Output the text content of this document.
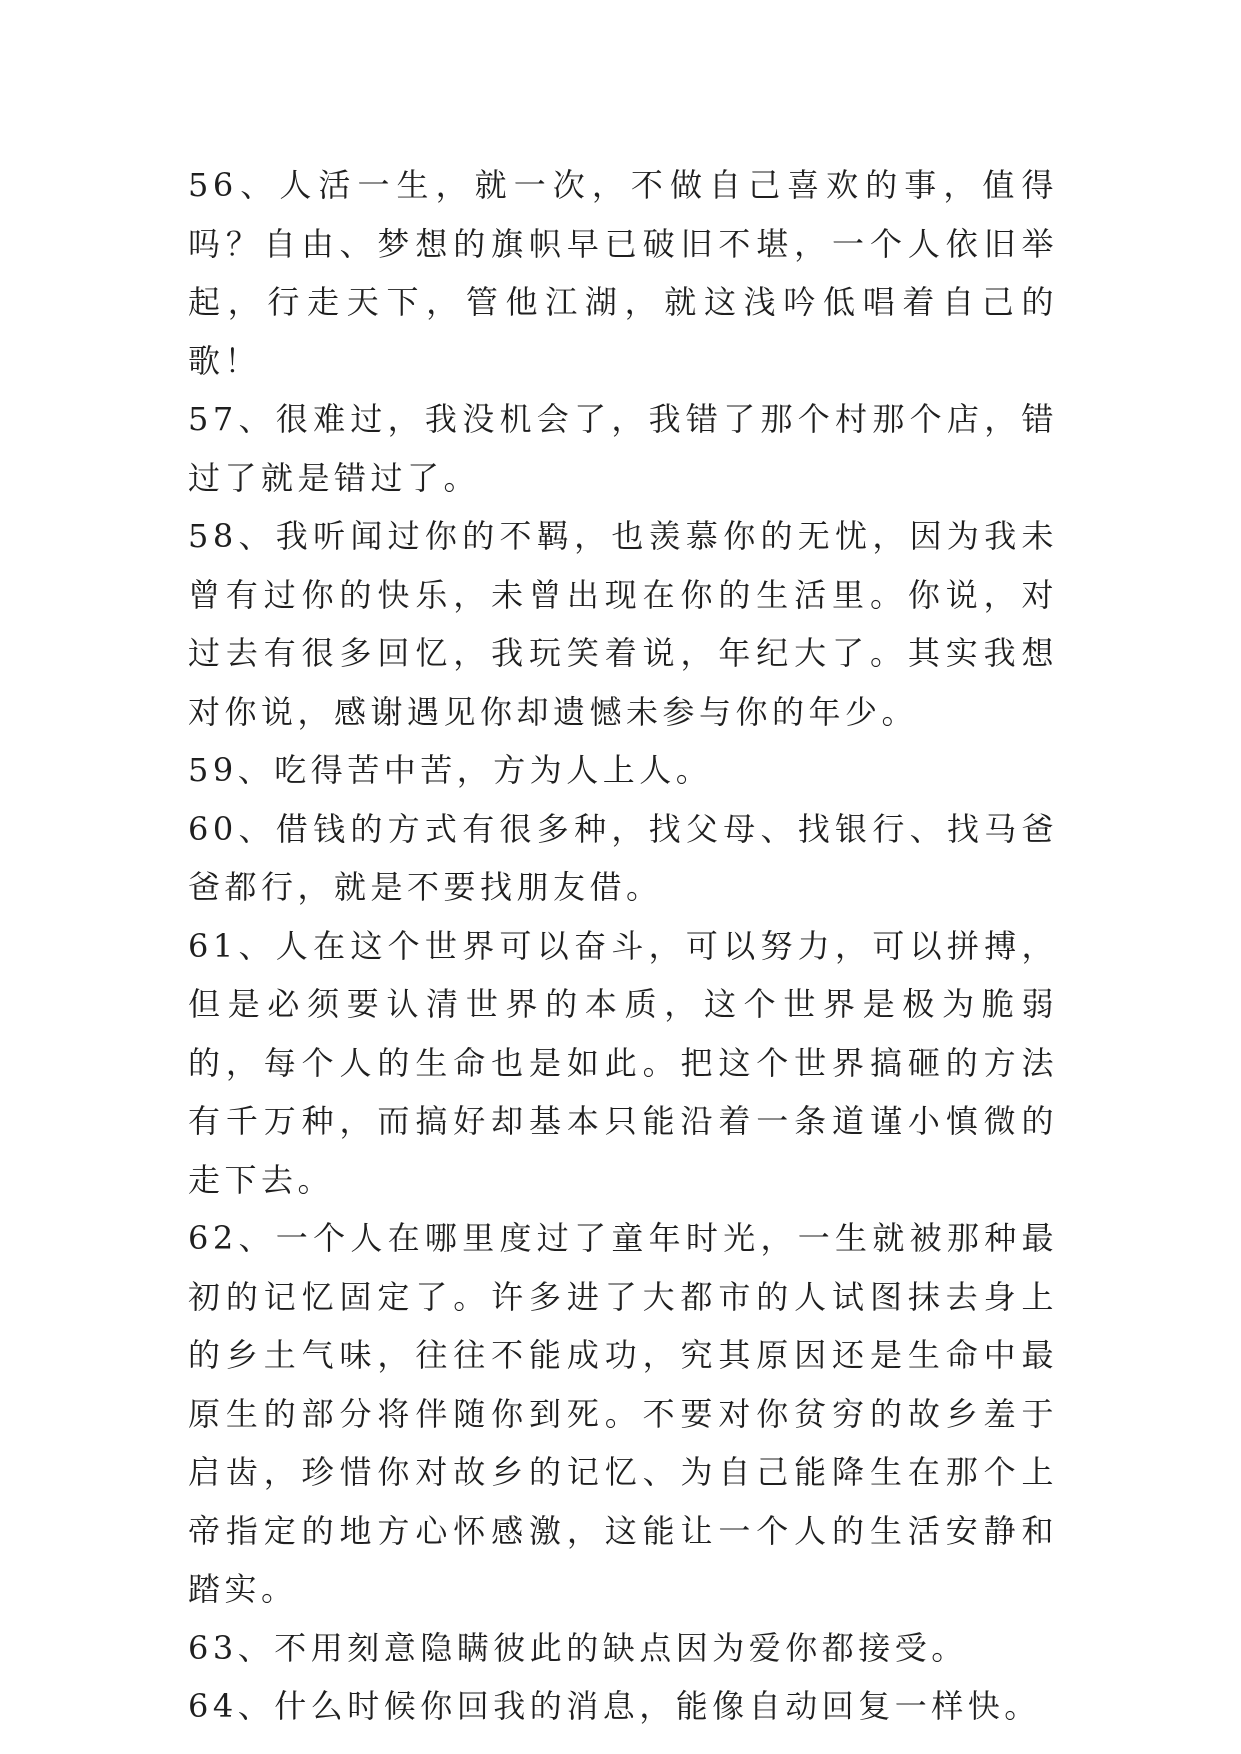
56、人活一生，就一次，不做自己喜欢的事，值得吗？自由、梦想的旗帜早已破旧不堪，一个人依旧举起，行走天下，管他江湖，就这浅吟低唱着自己的歌！

57、很难过，我没机会了，我错了那个村那个店，错过了就是错过了。

58、我听闻过你的不羁，也羡慕你的无忧，因为我未曾有过你的快乐，未曾出现在你的生活里。你说，对过去有很多回忆，我玩笑着说，年纪大了。其实我想对你说，感谢遇见你却遗憾未参与你的年少。

59、吃得苦中苦，方为人上人。

60、借钱的方式有很多种，找父母、找银行、找马爸爸都行，就是不要找朋友借。

61、人在这个世界可以奋斗，可以努力，可以拼搏，但是必须要认清世界的本质，这个世界是极为脆弱的，每个人的生命也是如此。把这个世界搞砸的方法有千万种，而搞好却基本只能沿着一条道谨小慎微的走下去。

62、一个人在哪里度过了童年时光，一生就被那种最初的记忆固定了。许多进了大都市的人试图抹去身上的乡土气味，往往不能成功，究其原因还是生命中最原生的部分将伴随你到死。不要对你贫穷的故乡羞于启齿，珍惜你对故乡的记忆、为自己能降生在那个上帝指定的地方心怀感激，这能让一个人的生活安静和踏实。

63、不用刻意隐瞒彼此的缺点因为爱你都接受。

64、什么时候你回我的消息，能像自动回复一样快。
